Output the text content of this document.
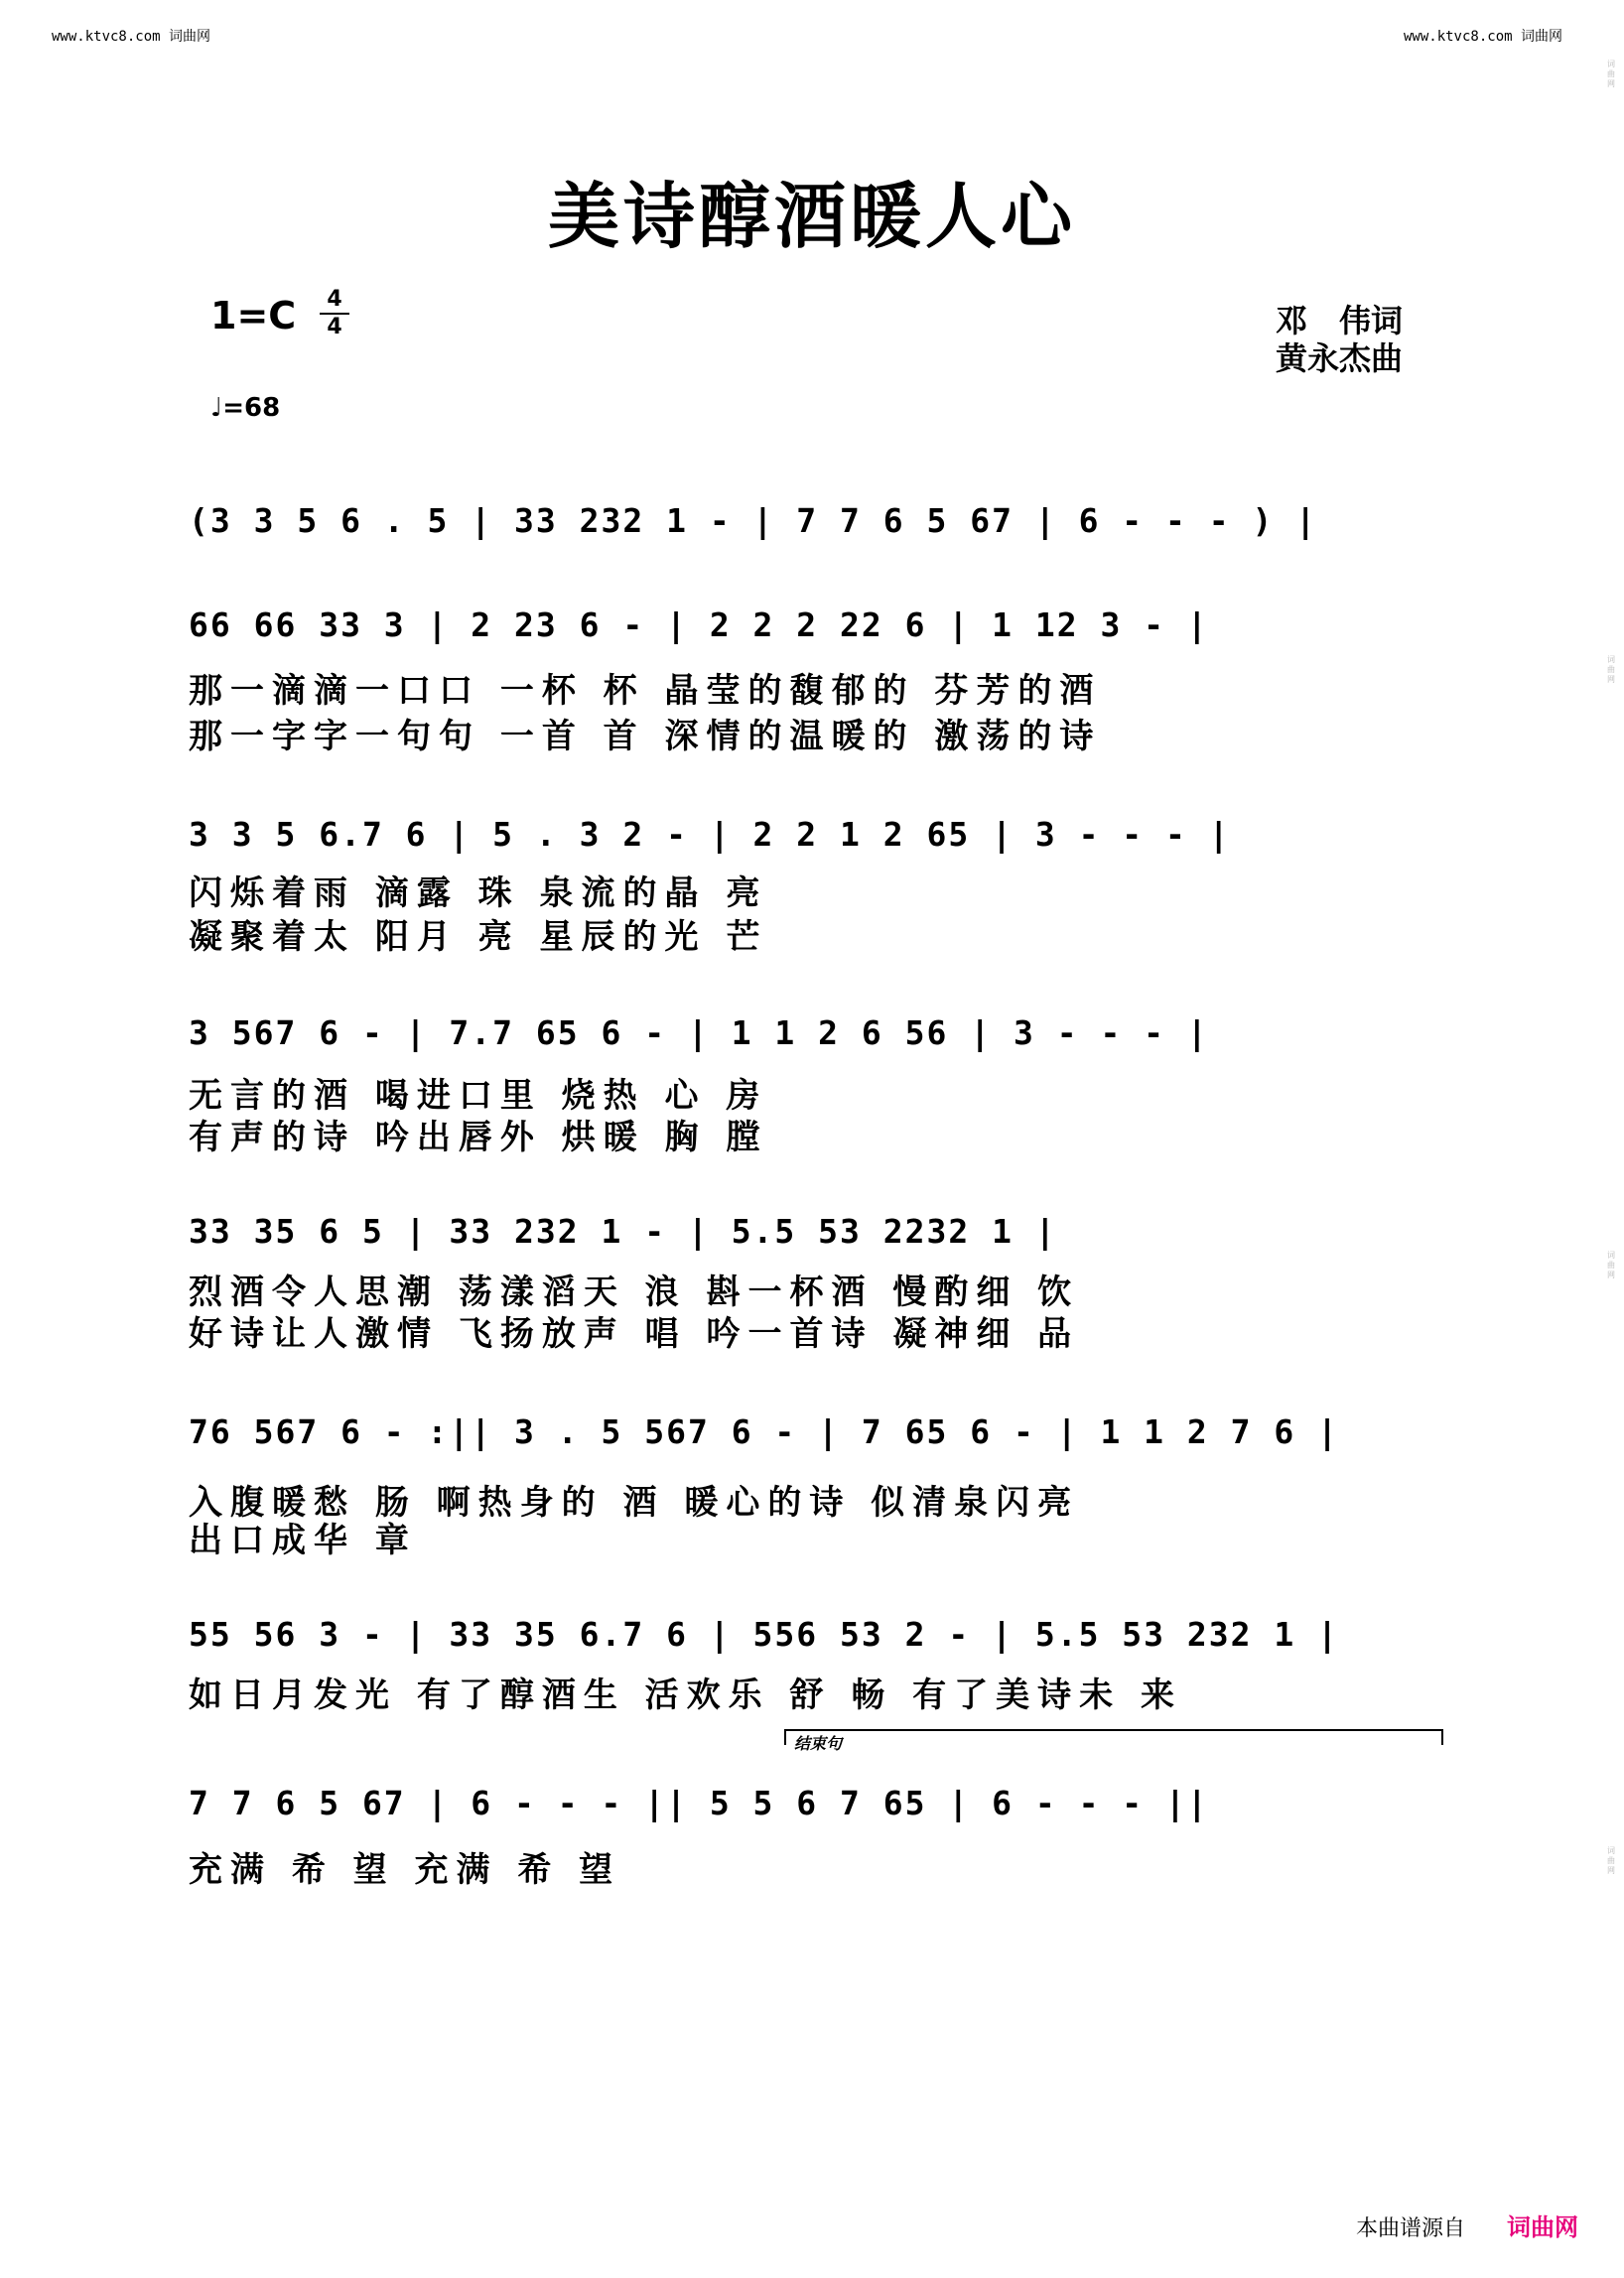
www.ktvc8.com 词曲网	www.ktvc8.com 词曲网
美诗醇酒暖人心
1=C	4
4
♩=68
邓　伟词
黄永杰曲
(3 3 5 6 . 5 | 33 232 1 - | 7 7 6 5 67 | 6 - - - ) |
66 66 33 3 | 2 23 6 - | 2 2 2 22 6 | 1 12 3 - |
那一滴滴一口口 一杯 杯 晶莹的馥郁的 芬芳的酒
那一字字一句句 一首 首 深情的温暖的 激荡的诗
3 3 5 6.7 6 | 5 . 3 2 - | 2 2 1 2 65 | 3 - - - |
闪烁着雨 滴露 珠 泉流的晶 亮
凝聚着太 阳月 亮 星辰的光 芒
3 567 6 - | 7.7 65 6 - | 1 1 2 6 56 | 3 - - - |
无言的酒 喝进口里 烧热 心 房
有声的诗 吟出唇外 烘暖 胸 膛
33 35 6 5 | 33 232 1 - | 5.5 53 2232 1 |
烈酒令人思潮 荡漾滔天 浪 斟一杯酒 慢酌细 饮
好诗让人激情 飞扬放声 唱 吟一首诗 凝神细 品
76 567 6 - :|| 3 . 5 567 6 - | 7 65 6 - | 1 1 2 7 6 |
入腹暖愁 肠 啊热身的 酒 暖心的诗 似清泉闪亮
出口成华 章
55 56 3 - | 33 35 6.7 6 | 556 53 2 - | 5.5 53 232 1 |
如日月发光 有了醇酒生 活欢乐 舒 畅 有了美诗未 来
结束句
7 7 6 5 67 | 6 - - - || 5 5 6 7 65 | 6 - - - ||
充满 希 望 充满 希 望
本曲谱源自 词曲网
词曲网
词曲网
词曲网
词曲网
